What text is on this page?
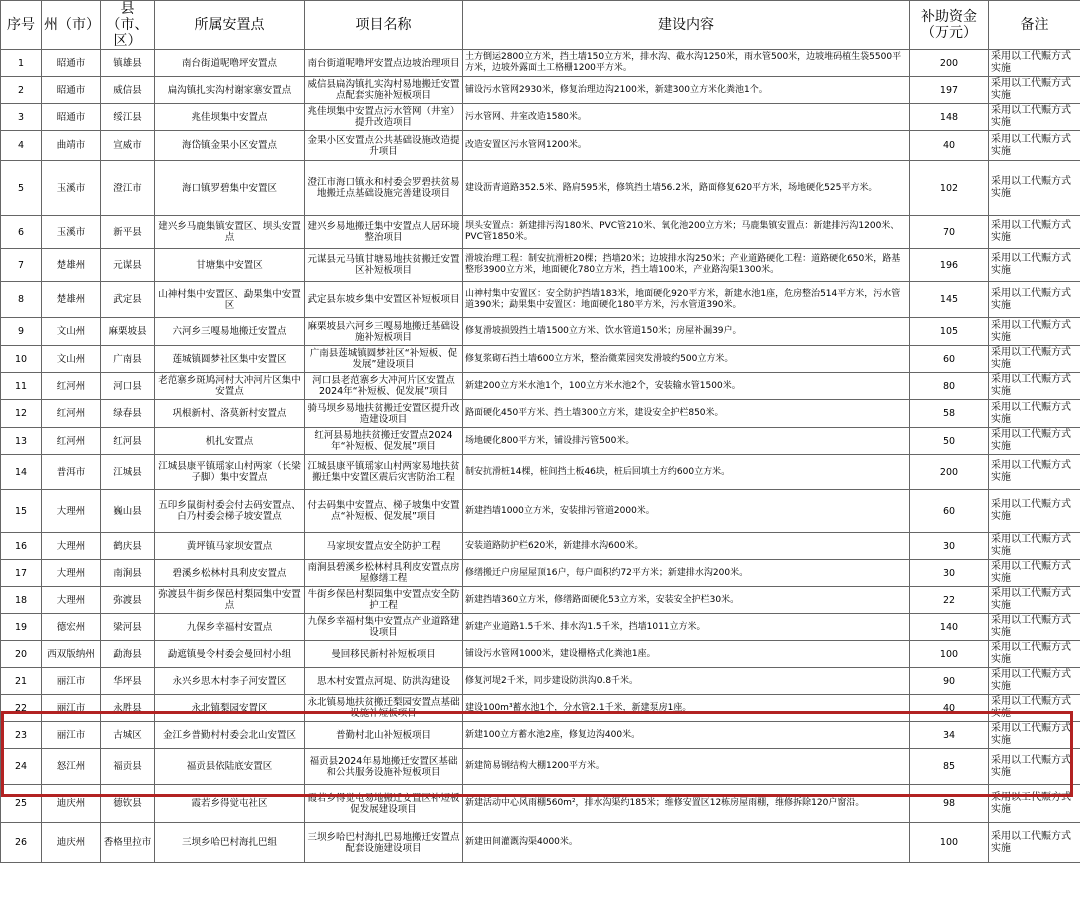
序号	州（市）	县（市、区）	所属安置点	项目名称	建设内容	补助资金（万元）	备注
1	昭通市	镇雄县	南台街道呢噜坪安置点	南台街道呢噜坪安置点边坡治理项目	土方倒运2800立方米，挡土墙150立方米，排水沟、截水沟1250米，雨水管500米，边坡堆码植生袋5500平方米，边坡外露面土工格栅1200平方米。	200	采用以工代赈方式实施
2	昭通市	威信县	扁沟镇扎实沟村谢家寨安置点	威信县扁沟镇扎实沟村易地搬迁安置点配套实施补短板项目	铺设污水管网2930米，修复治理边沟2100米，新建300立方米化粪池1个。	197	采用以工代赈方式实施
3	昭通市	绥江县	兆佳坝集中安置点	兆佳坝集中安置点污水管网（井室）提升改造项目	污水管网、井室改造1580米。	148	采用以工代赈方式实施
4	曲靖市	宣威市	海岱镇金果小区安置点	金果小区安置点公共基础设施改造提升项目	改造安置区污水管网1200米。	40	采用以工代赈方式实施
5	玉溪市	澄江市	海口镇罗碧集中安置区	澄江市海口镇永和村委会罗碧扶贫易地搬迁点基础设施完善建设项目	建设沥青道路352.5米、路肩595米，修筑挡土墙56.2米，路面修复620平方米，场地硬化525平方米。	102	采用以工代赈方式实施
6	玉溪市	新平县	建兴乡马鹿集镇安置区、坝头安置点	建兴乡易地搬迁集中安置点人居环境整治项目	坝头安置点：新建排污沟180米、PVC管210米、氧化池200立方米；马鹿集镇安置点：新建排污沟1200米、PVC管1850米。	70	采用以工代赈方式实施
7	楚雄州	元谋县	甘塘集中安置区	元谋县元马镇甘塘易地扶贫搬迁安置区补短板项目	滑坡治理工程：制安抗滑桩20棵；挡墙20米；边坡排水沟250米；产业道路硬化工程：道路硬化650米，路基整形3900立方米，地面硬化780立方米，挡土墙100米，产业路沟渠1300米。	196	采用以工代赈方式实施
8	楚雄州	武定县	山神村集中安置区、勐果集中安置区	武定县东坡乡集中安置区补短板项目	山神村集中安置区：安全防护挡墙183米，地面硬化920平方米，新建水池1座，危房整治514平方米，污水管道390米；勐果集中安置区：地面硬化180平方米，污水管道390米。	145	采用以工代赈方式实施
9	文山州	麻栗坡县	六河乡三嘎易地搬迁安置点	麻栗坡县六河乡三嘎易地搬迁基础设施补短板项目	修复滑坡损毁挡土墙1500立方米、饮水管道150米；房屋补漏39户。	105	采用以工代赈方式实施
10	文山州	广南县	莲城镇圆梦社区集中安置区	广南县莲城镇圆梦社区“补短板、促发展”建设项目	修复浆砌石挡土墙600立方米，整治微菜园突发滑坡约500立方米。	60	采用以工代赈方式实施
11	红河州	河口县	老范寨乡斑鸠河村大冲河片区集中安置点	河口县老范寨乡大冲河片区安置点2024年“补短板、促发展”项目	新建200立方米水池1个，100立方米水池2个，安装输水管1500米。	80	采用以工代赈方式实施
12	红河州	绿春县	巩根新村、洛莫新村安置点	骑马坝乡易地扶贫搬迁安置区提升改造建设项目	路面硬化450平方米、挡土墙300立方米，建设安全护栏850米。	58	采用以工代赈方式实施
13	红河州	红河县	机扎安置点	红河县易地扶贫搬迁安置点2024年“补短板、促发展”项目	场地硬化800平方米，铺设排污管500米。	50	采用以工代赈方式实施
14	普洱市	江城县	江城县康平镇瑶家山村两家（长梁子脚）集中安置点	江城县康平镇瑶家山村两家易地扶贫搬迁集中安置区震后灾害防治工程	制安抗滑桩14棵，桩间挡土板46块，桩后回填土方约600立方米。	200	采用以工代赈方式实施
15	大理州	巍山县	五印乡鼠街村委会付去码安置点、白乃村委会梯子坡安置点	付去码集中安置点、梯子坡集中安置点“补短板、促发展”项目	新建挡墙1000立方米，安装排污管道2000米。	60	采用以工代赈方式实施
16	大理州	鹤庆县	黄坪镇马家坝安置点	马家坝安置点安全防护工程	安装道路防护栏620米，新建排水沟600米。	30	采用以工代赈方式实施
17	大理州	南涧县	碧溪乡松林村具利皮安置点	南涧县碧溪乡松林村具利皮安置点房屋修缮工程	修缮搬迁户房屋屋顶16户，每户面积约72平方米；新建排水沟200米。	30	采用以工代赈方式实施
18	大理州	弥渡县	弥渡县牛街乡保邑村梨园集中安置点	牛街乡保邑村梨园集中安置点安全防护工程	新建挡墙360立方米，修缮路面硬化53立方米，安装安全护栏30米。	22	采用以工代赈方式实施
19	德宏州	梁河县	九保乡幸福村安置点	九保乡幸福村集中安置点产业道路建设项目	新建产业道路1.5千米、排水沟1.5千米，挡墙1011立方米。	140	采用以工代赈方式实施
20	西双版纳州	勐海县	勐遮镇曼令村委会曼回村小组	曼回移民新村补短板项目	铺设污水管网1000米，建设栅格式化粪池1座。	100	采用以工代赈方式实施
21	丽江市	华坪县	永兴乡思木村李子河安置区	思木村安置点河堤、防洪沟建设	修复河堤2千米，同步建设防洪沟0.8千米。	90	采用以工代赈方式实施
22	丽江市	永胜县	永北镇梨园安置区	永北镇易地扶贫搬迁梨园安置点基础设施补短板项目	建设100m³蓄水池1个，分水管2.1千米，新建泵房1座。	40	采用以工代赈方式实施
23	丽江市	古城区	金江乡普勤村村委会北山安置区	普勤村北山补短板项目	新建100立方蓄水池2座，修复边沟400米。	34	采用以工代赈方式实施
24	怒江州	福贡县	福贡县依陆底安置区	福贡县2024年易地搬迁安置区基础和公共服务设施补短板项目	新建简易钢结构大棚1200平方米。	85	采用以工代赈方式实施
25	迪庆州	德钦县	霞若乡得觉屯社区	霞若乡得觉屯易地搬迁安置区补短板促发展建设项目	新建活动中心风雨棚560m²，排水沟渠约185米；维修安置区12栋房屋雨棚，维修拆除120户窗沿。	98	采用以工代赈方式实施
26	迪庆州	香格里拉市	三坝乡哈巴村海扎巴组	三坝乡哈巴村海扎巴易地搬迁安置点配套设施建设项目	新建田间灌溉沟渠4000米。	100	采用以工代赈方式实施
